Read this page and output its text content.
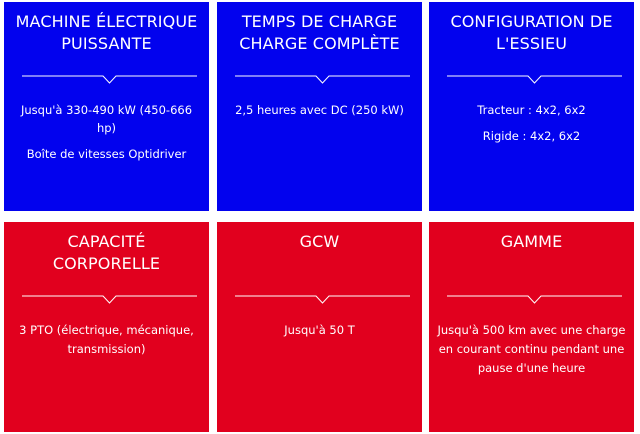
MACHINE ÉLECTRIQUE
PUISSANTE

Jusqu'à 330-490 kW (450-666 hp)

Boîte de vitesses Optidriver

TEMPS DE CHARGE
CHARGE COMPLÈTE

2,5 heures avec DC (250 kW)

CONFIGURATION DE
L'ESSIEU

Tracteur : 4x2, 6x2

Rigide : 4x2, 6x2

CAPACITÉ
CORPORELLE

3 PTO (électrique, mécanique,

transmission)

GCW

Jusqu'à 50 T

GAMME

Jusqu'à 500 km avec une charge

en courant continu pendant une

pause d'une heure
